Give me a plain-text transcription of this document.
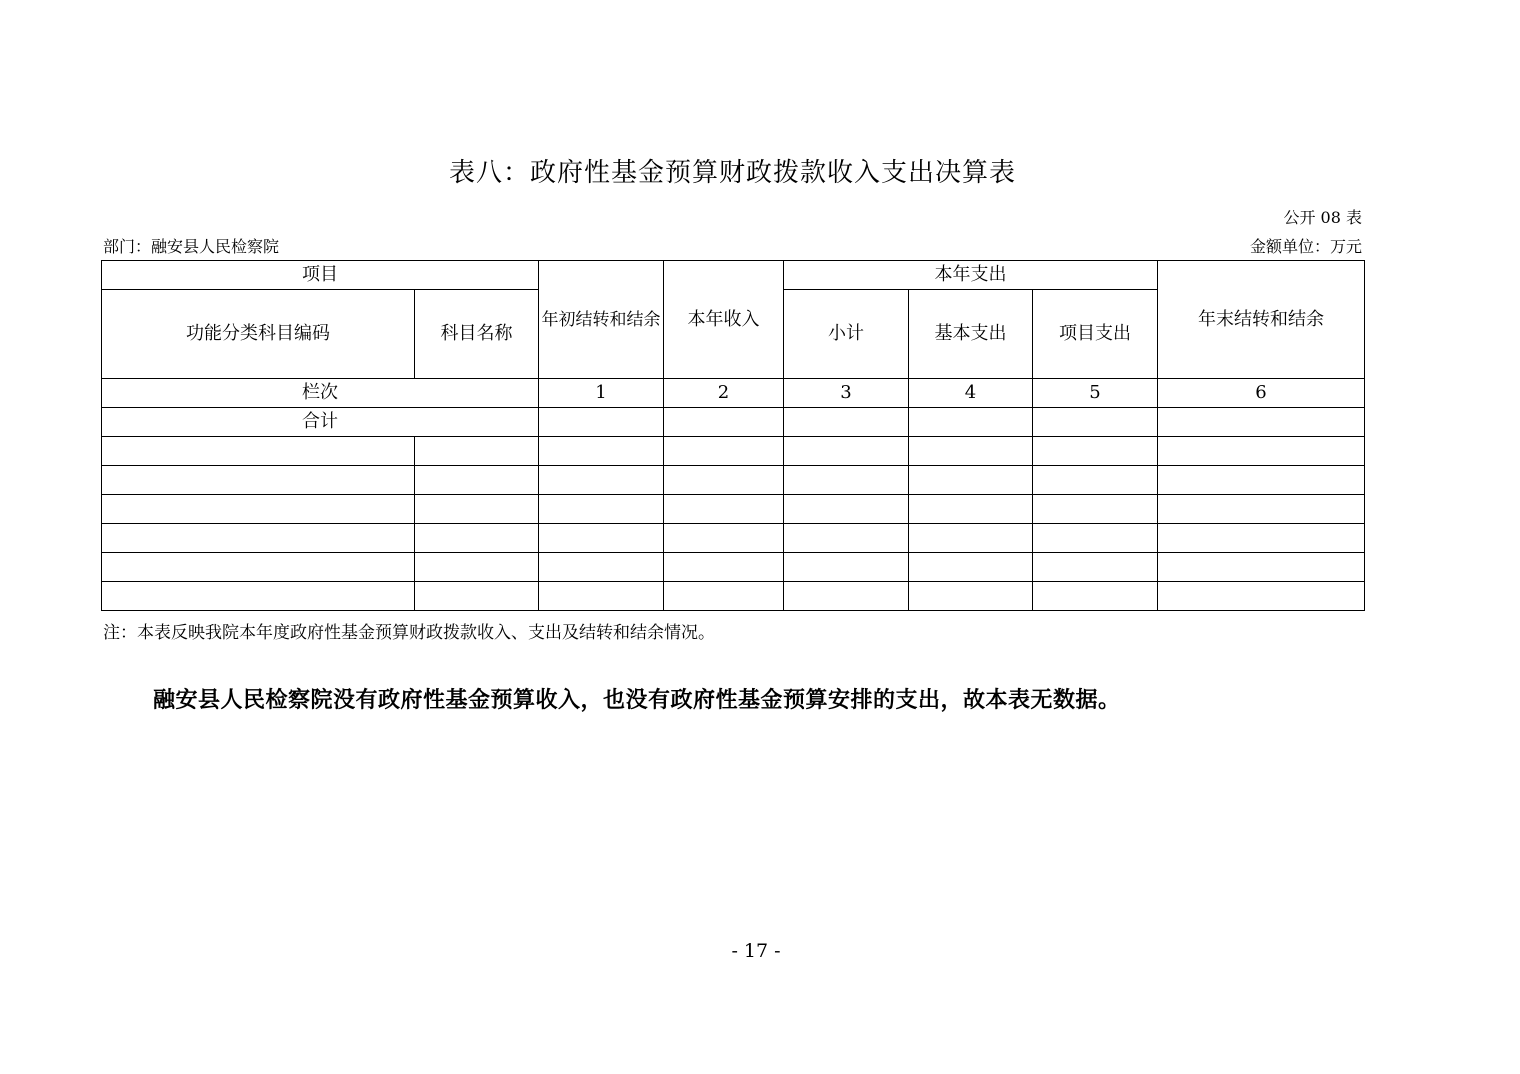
表八：政府性基金预算财政拨款收入支出决算表
公开 08 表
部门：融安县人民检察院	金额单位：万元
项目		年初结转和结余	本年收入	本年支出			年末结转和结余
功能分类科目编码	科目名称			小计	基本支出	项目支出	
栏次		1	2	3	4	5	6
合计							

注：本表反映我院本年度政府性基金预算财政拨款收入、支出及结转和结余情况。
融安县人民检察院没有政府性基金预算收入，也没有政府性基金预算安排的支出，故本表无数据。
- 17 -
